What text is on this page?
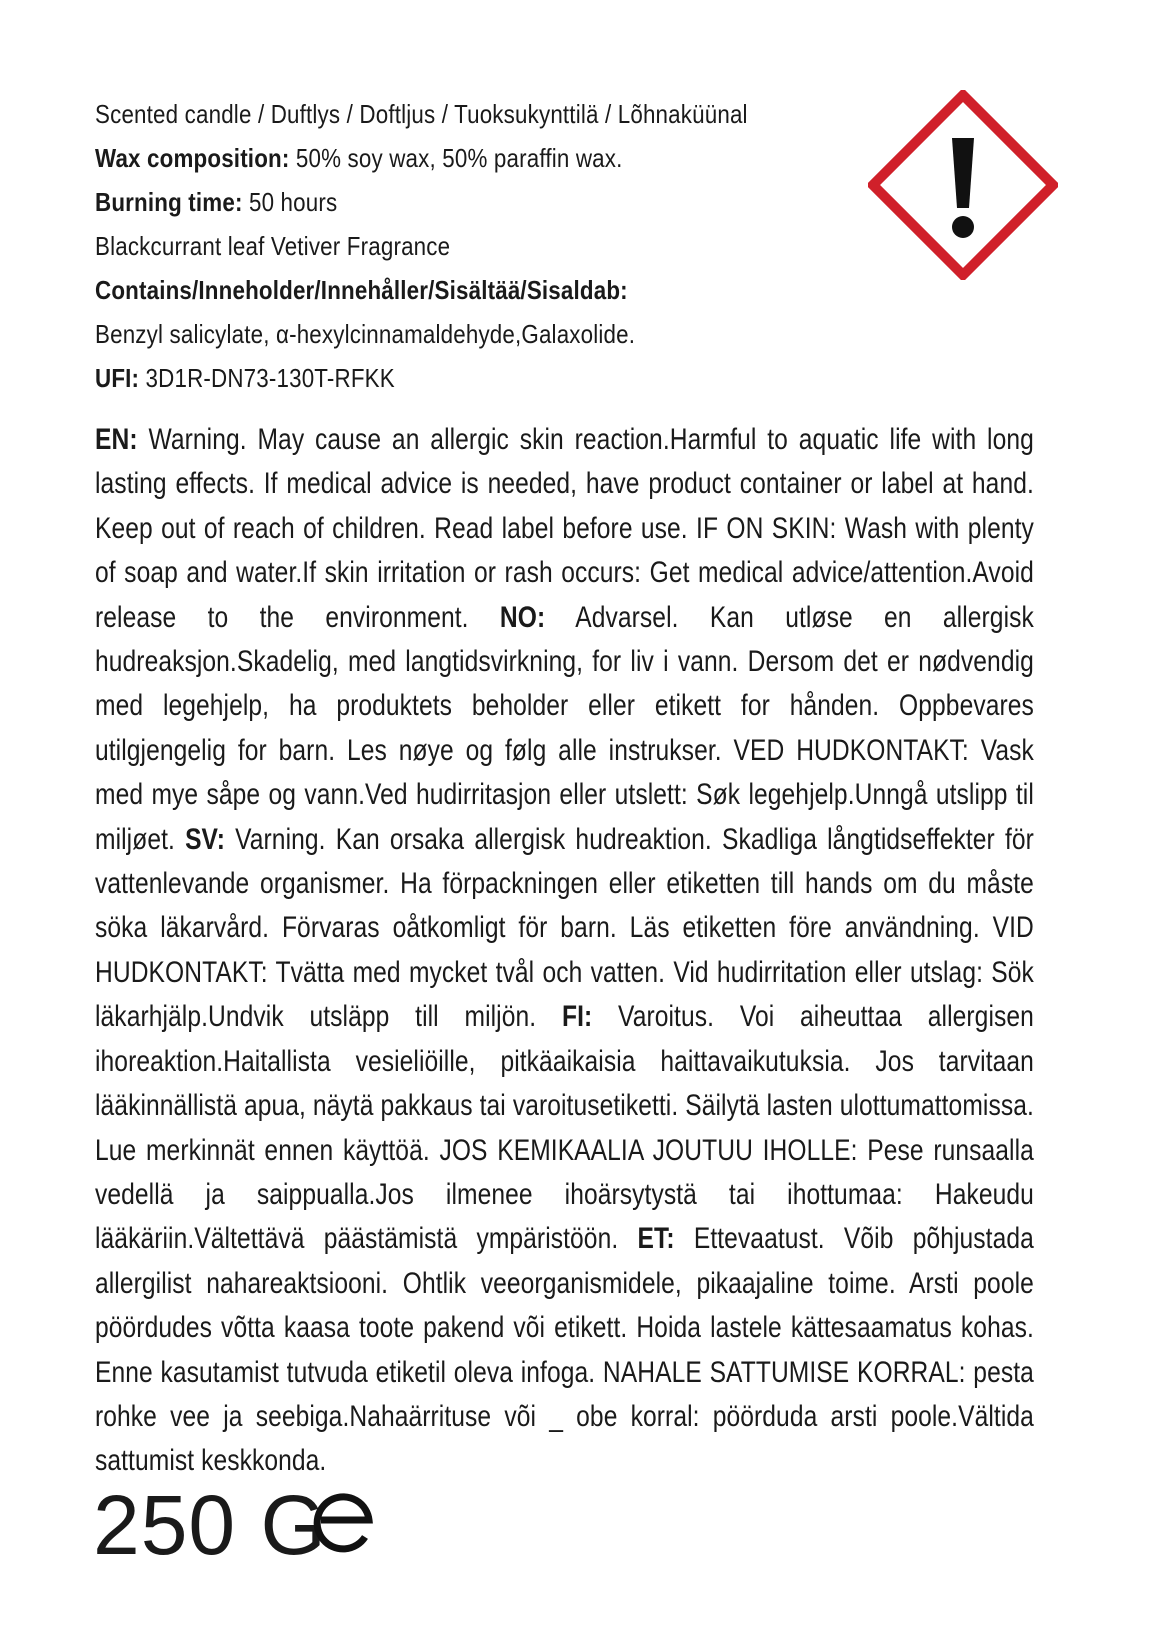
Scented candle / Duftlys / Doftljus / Tuoksukynttilä / Lõhnaküünal
Wax composition: 50% soy wax, 50% paraffin wax.
Burning time: 50 hours
Blackcurrant leaf Vetiver Fragrance
Contains/Inneholder/Innehåller/Sisältää/Sisaldab:
Benzyl salicylate, α-hexylcinnamaldehyde,Galaxolide.
UFI: 3D1R-DN73-130T-RFKK
EN: Warning. May cause an allergic skin reaction.Harmful to aquatic life with long lasting effects. If medical advice is needed, have product container or label at hand. Keep out of reach of children. Read label before use. IF ON SKIN: Wash with plenty of soap and water.If skin irritation or rash occurs: Get medical advice/attention.Avoid release to the environment. NO: Advarsel. Kan utløse en allergisk hudreaksjon.Skadelig, med langtidsvirkning, for liv i vann. Dersom det er nødvendig med legehjelp, ha produktets beholder eller etikett for hånden. Oppbevares utilgjengelig for barn. Les nøye og følg alle instrukser. VED HUDKONTAKT: Vask med mye såpe og vann.Ved hudirritasjon eller utslett: Søk legehjelp.Unngå utslipp til miljøet. SV: Varning. Kan orsaka allergisk hudreaktion. Skadliga långtidseffekter för vattenlevande organismer. Ha förpackningen eller etiketten till hands om du måste söka läkarvård. Förvaras oåtkomligt för barn. Läs etiketten före användning. VID HUDKONTAKT: Tvätta med mycket tvål och vatten. Vid hudirritation eller utslag: Sök läkarhjälp.Undvik utsläpp till miljön. FI: Varoitus. Voi aiheuttaa allergisen ihoreaktion.Haitallista vesieliöille, pitkäaikaisia haittavaikutuksia. Jos tarvitaan lääkinnällistä apua, näytä pakkaus tai varoitusetiketti. Säilytä lasten ulottumattomissa. Lue merkinnät ennen käyttöä. JOS KEMIKAALIA JOUTUU IHOLLE: Pese runsaalla vedellä ja saippualla.Jos ilmenee ihoärsytystä tai ihottumaa: Hakeudu lääkäriin.Vältettävä päästämistä ympäristöön. ET: Ettevaatust. Võib põhjustada allergilist nahareaktsiooni. Ohtlik veeorganismidele, pikaajaline toime. Arsti poole pöördudes võtta kaasa toote pakend või etikett. Hoida lastele kättesaamatus kohas. Enne kasutamist tutvuda etiketil oleva infoga. NAHALE SATTUMISE KORRAL: pesta rohke vee ja seebiga.Nahaärrituse või _ obe korral: pöörduda arsti poole.Vältida sattumist keskkonda.
250 G
